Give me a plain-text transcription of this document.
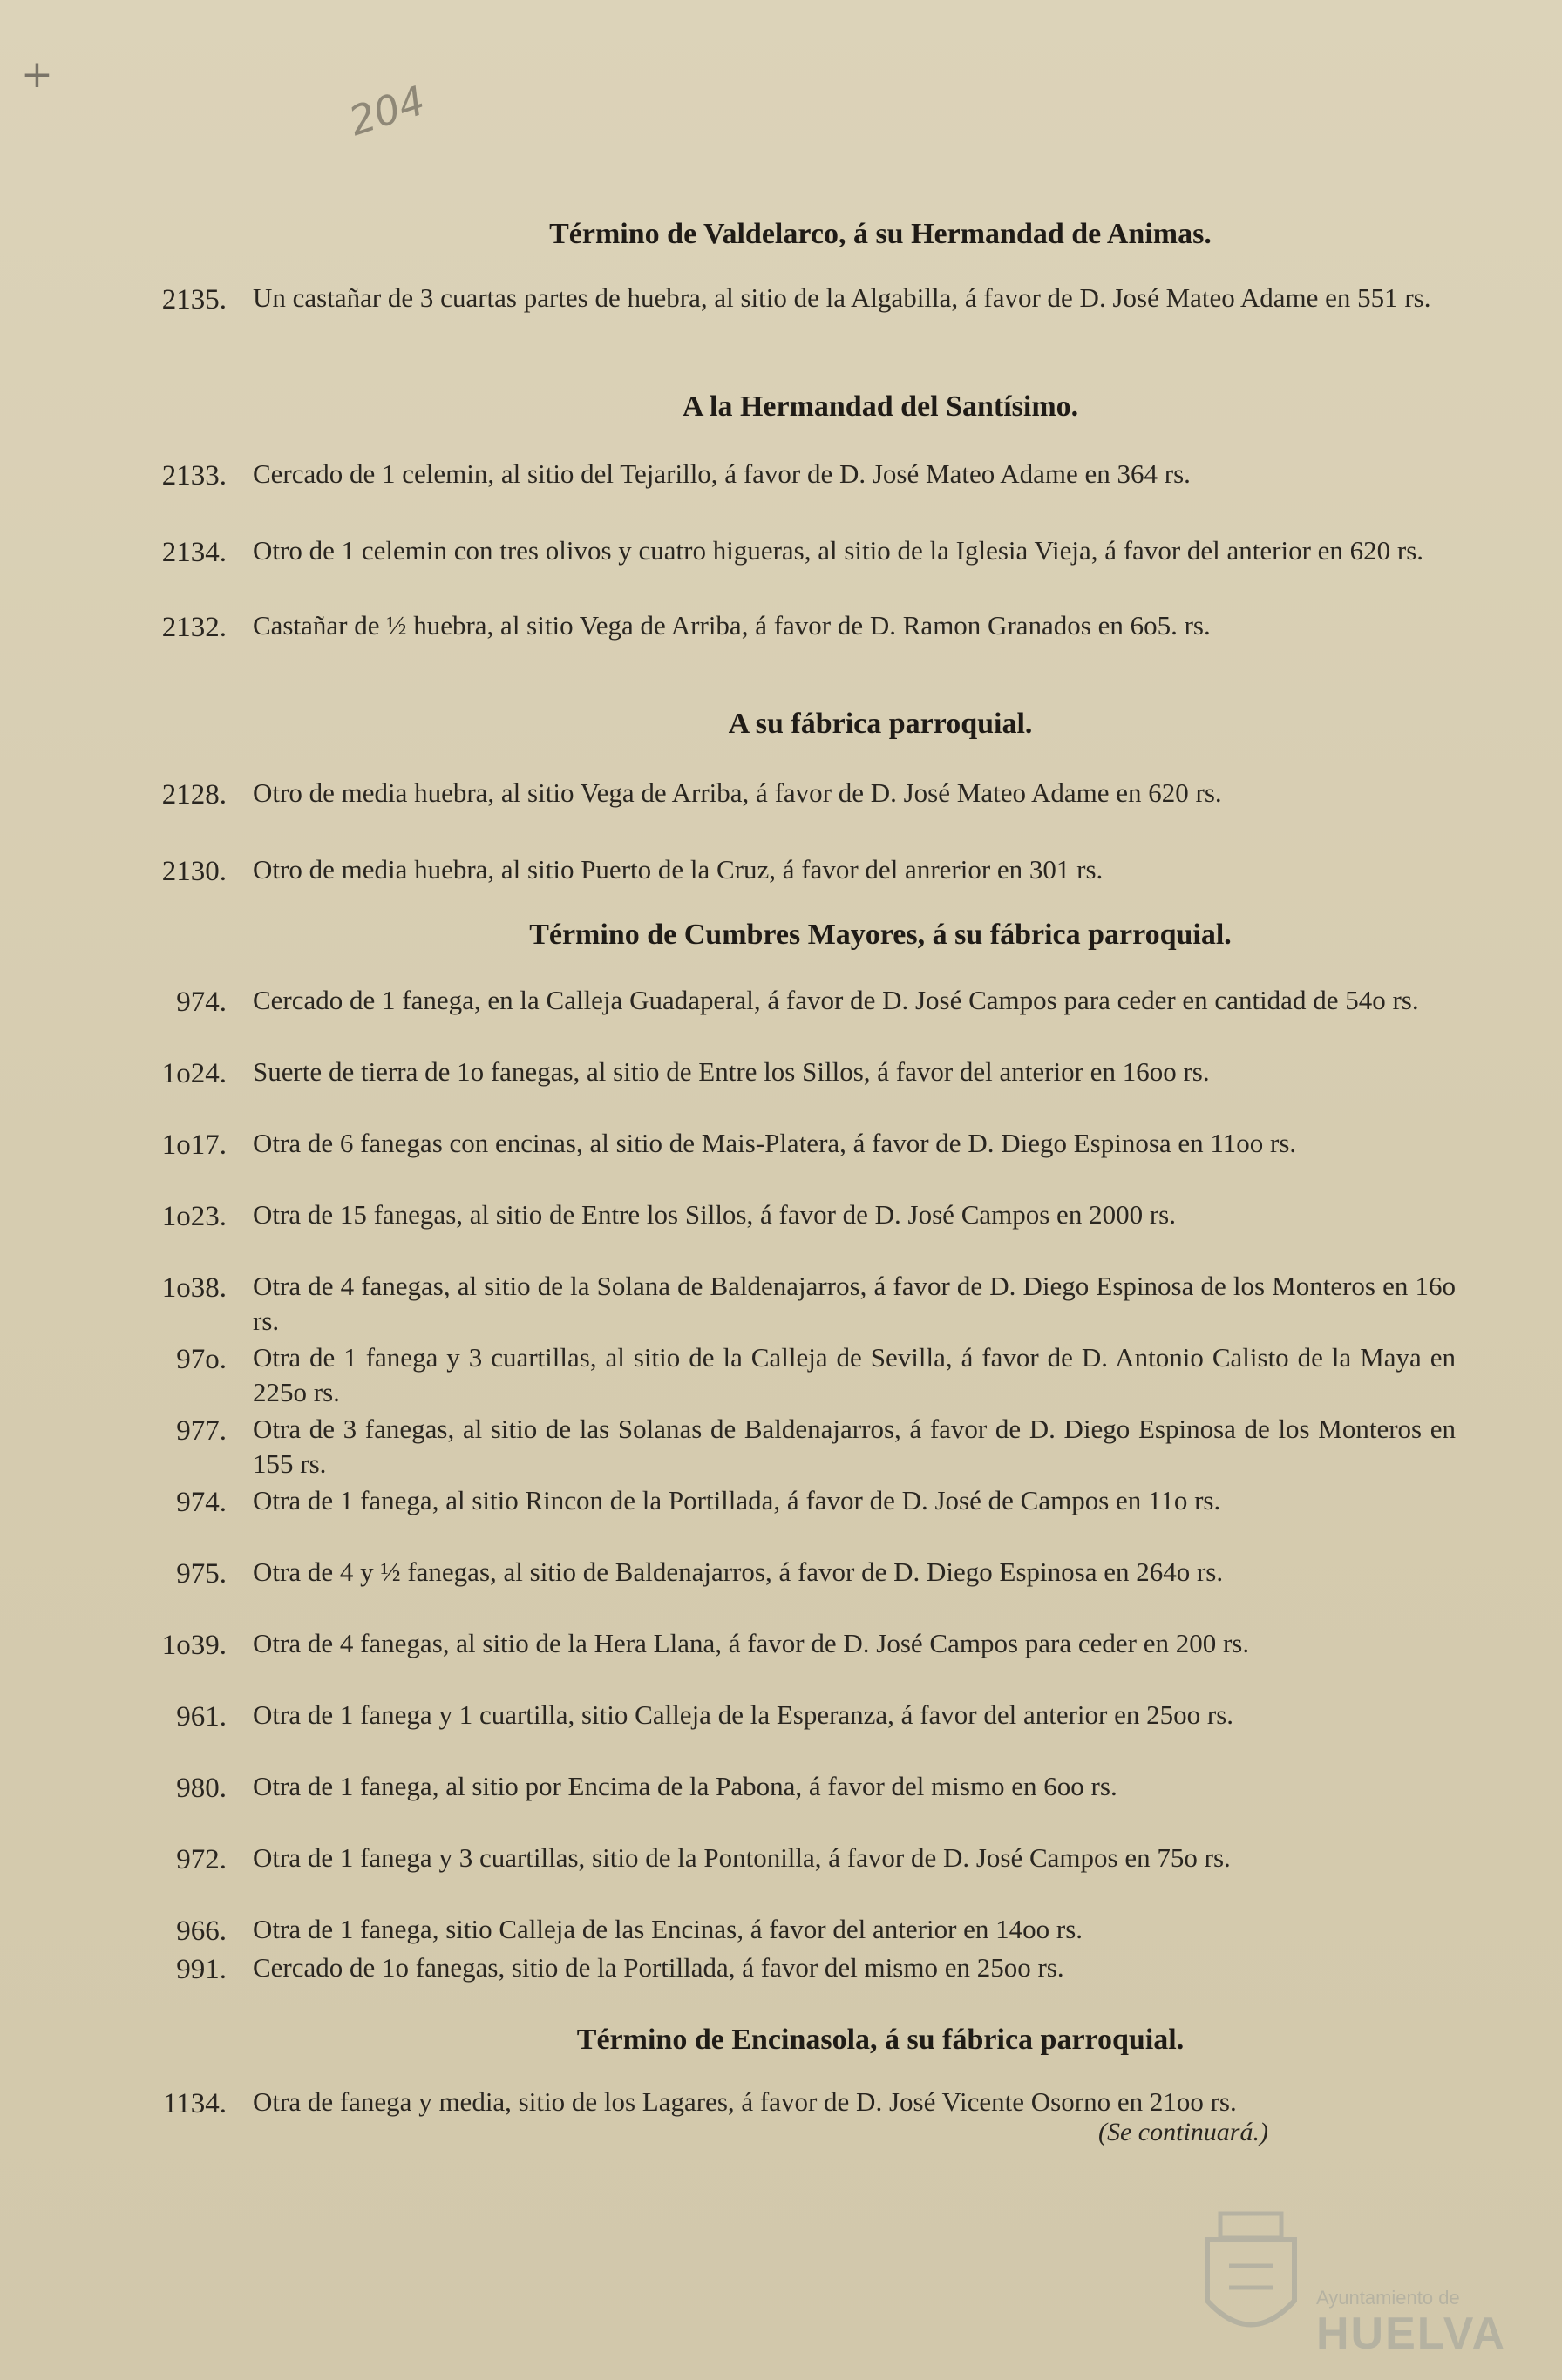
+
204
Término de Valdelarco, á su Hermandad de Animas.
2135. Un castañar de 3 cuartas partes de huebra, al sitio de la Algabilla, á favor de D. José Mateo Adame en 551 rs.
A la Hermandad del Santísimo.
2133. Cercado de 1 celemin, al sitio del Tejarillo, á favor de D. José Mateo Adame en 364 rs.
2134. Otro de 1 celemin con tres olivos y cuatro higueras, al sitio de la Iglesia Vieja, á favor del anterior en 620 rs.
2132. Castañar de ½ huebra, al sitio Vega de Arriba, á favor de D. Ramon Granados en 6o5. rs.
A su fábrica parroquial.
2128. Otro de media huebra, al sitio Vega de Arriba, á favor de D. José Mateo Adame en 620 rs.
2130. Otro de media huebra, al sitio Puerto de la Cruz, á favor del anrerior en 301 rs.
Término de Cumbres Mayores, á su fábrica parroquial.
974. Cercado de 1 fanega, en la Calleja Guadaperal, á favor de D. José Campos para ceder en cantidad de 54o rs.
1o24. Suerte de tierra de 1o fanegas, al sitio de Entre los Sillos, á favor del anterior en 16oo rs.
1o17. Otra de 6 fanegas con encinas, al sitio de Mais-Platera, á favor de D. Diego Espinosa en 11oo rs.
1o23. Otra de 15 fanegas, al sitio de Entre los Sillos, á favor de D. José Campos en 2000 rs.
1o38. Otra de 4 fanegas, al sitio de la Solana de Baldenajarros, á favor de D. Diego Espinosa de los Monteros en 16o rs.
97o. Otra de 1 fanega y 3 cuartillas, al sitio de la Calleja de Sevilla, á favor de D. Antonio Calisto de la Maya en 225o rs.
977. Otra de 3 fanegas, al sitio de las Solanas de Baldenajarros, á favor de D. Diego Espinosa de los Monteros en 155 rs.
974. Otra de 1 fanega, al sitio Rincon de la Portillada, á favor de D. José de Campos en 11o rs.
975. Otra de 4 y ½ fanegas, al sitio de Baldenajarros, á favor de D. Diego Espinosa en 264o rs.
1o39. Otra de 4 fanegas, al sitio de la Hera Llana, á favor de D. José Campos para ceder en 200 rs.
961. Otra de 1 fanega y 1 cuartilla, sitio Calleja de la Esperanza, á favor del anterior en 25oo rs.
980. Otra de 1 fanega, al sitio por Encima de la Pabona, á favor del mismo en 6oo rs.
972. Otra de 1 fanega y 3 cuartillas, sitio de la Pontonilla, á favor de D. José Campos en 75o rs.
966. Otra de 1 fanega, sitio Calleja de las Encinas, á favor del anterior en 14oo rs.
991. Cercado de 1o fanegas, sitio de la Portillada, á favor del mismo en 25oo rs.
Término de Encinasola, á su fábrica parroquial.
1134. Otra de fanega y media, sitio de los Lagares, á favor de D. José Vicente Osorno en 21oo rs.
(Se continuará.)
Ayuntamiento de
HUELVA
